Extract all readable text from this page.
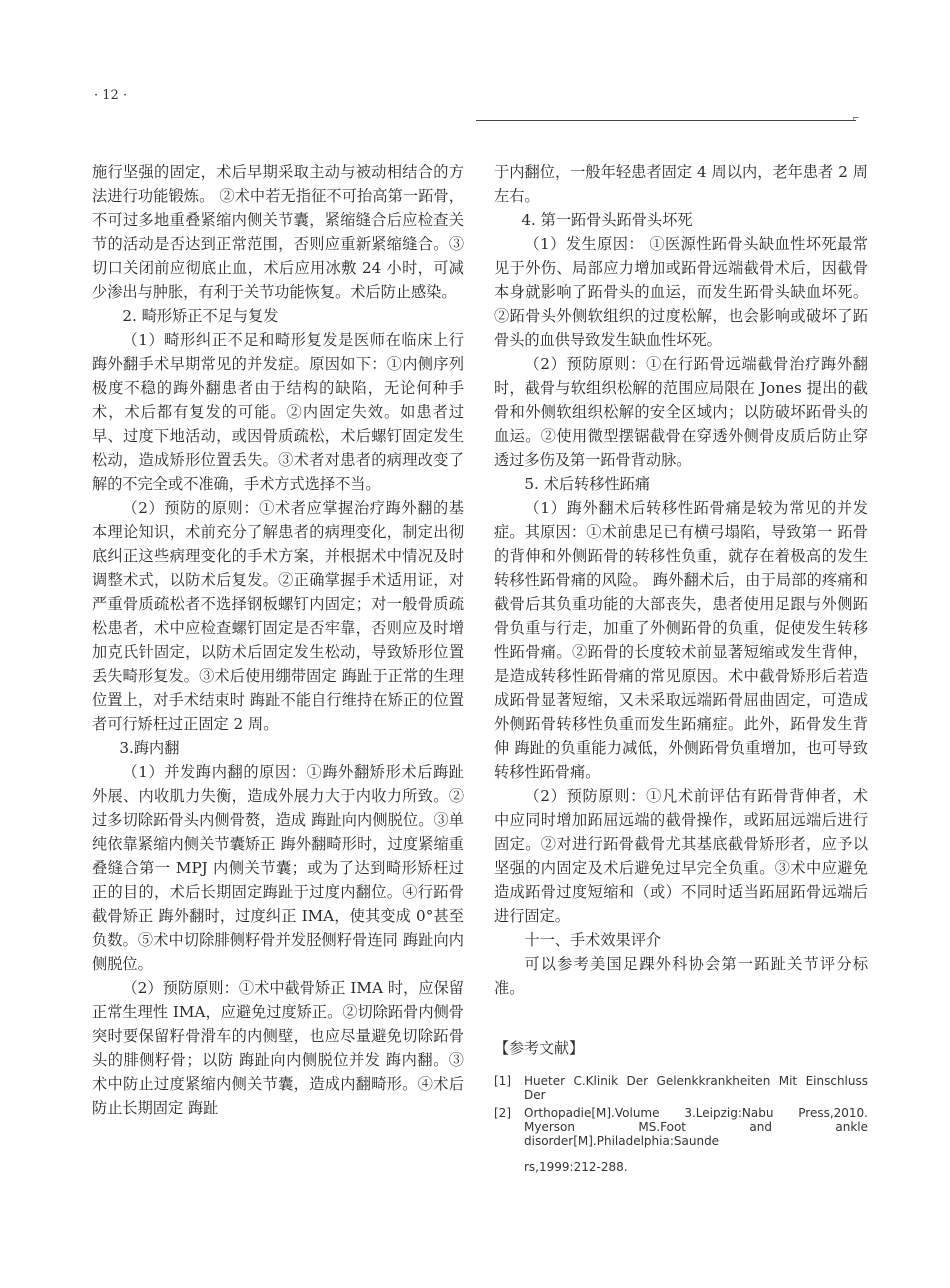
· 12 ·
⌐

施行坚强的固定，术后早期采取主动与被动相结合的方法进行功能锻炼。 ②术中若无指征不可抬高第一跖骨，不可过多地重叠紧缩内侧关节囊，紧缩缝合后应检查关节的活动是否达到正常范围，否则应重新紧缩缝合。③切口关闭前应彻底止血，术后应用冰敷 24 小时，可减少渗出与肿胀，有利于关节功能恢复。术后防止感染。

2. 畸形矫正不足与复发

（1）畸形纠正不足和畸形复发是医师在临床上行踇外翻手术早期常见的并发症。原因如下：①内侧序列极度不稳的踇外翻患者由于结构的缺陷，无论何种手术，术后都有复发的可能。②内固定失效。如患者过早、过度下地活动，或因骨质疏松，术后螺钉固定发生松动，造成矫形位置丢失。③术者对患者的病理改变了解的不完全或不准确，手术方式选择不当。

（2）预防的原则：①术者应掌握治疗踇外翻的基本理论知识，术前充分了解患者的病理变化，制定出彻底纠正这些病理变化的手术方案，并根据术中情况及时调整术式，以防术后复发。②正确掌握手术适用证，对严重骨质疏松者不选择钢板螺钉内固定；对一般骨质疏松患者，术中应检查螺钉固定是否牢靠，否则应及时增加克氏针固定，以防术后固定发生松动，导致矫形位置丢失畸形复发。③术后使用绷带固定 踇趾于正常的生理位置上，对手术结束时 踇趾不能自行维持在矫正的位置者可行矫枉过正固定 2 周。

3.踇内翻

（1）并发踇内翻的原因：①踇外翻矫形术后踇趾外展、内收肌力失衡，造成外展力大于内收力所致。②过多切除跖骨头内侧骨赘，造成 踇趾向内侧脱位。③单纯依靠紧缩内侧关节囊矫正 踇外翻畸形时，过度紧缩重叠缝合第一 MPJ 内侧关节囊；或为了达到畸形矫枉过正的目的，术后长期固定踇趾于过度内翻位。④行跖骨截骨矫正 踇外翻时，过度纠正 IMA，使其变成 0°甚至负数。⑤术中切除腓侧籽骨并发胫侧籽骨连同 踇趾向内侧脱位。

（2）预防原则：①术中截骨矫正 IMA 时，应保留正常生理性 IMA，应避免过度矫正。②切除跖骨内侧骨突时要保留籽骨滑车的内侧壁，也应尽量避免切除跖骨头的腓侧籽骨；以防 踇趾向内侧脱位并发 踇内翻。③术中防止过度紧缩内侧关节囊，造成内翻畸形。④术后防止长期固定 踇趾

于内翻位，一般年轻患者固定 4 周以内，老年患者 2 周左右。

4. 第一跖骨头跖骨头坏死

（1）发生原因： ①医源性跖骨头缺血性坏死最常见于外伤、局部应力增加或跖骨远端截骨术后，因截骨本身就影响了跖骨头的血运，而发生跖骨头缺血坏死。②跖骨头外侧软组织的过度松解，也会影响或破坏了跖骨头的血供导致发生缺血性坏死。

（2）预防原则：①在行跖骨远端截骨治疗踇外翻时，截骨与软组织松解的范围应局限在 Jones 提出的截骨和外侧软组织松解的安全区域内；以防破坏跖骨头的血运。②使用微型摆锯截骨在穿透外侧骨皮质后防止穿透过多伤及第一跖骨背动脉。

5. 术后转移性跖痛

（1）踇外翻术后转移性跖骨痛是较为常见的并发症。其原因：①术前患足已有横弓塌陷，导致第一 跖骨的背伸和外侧跖骨的转移性负重，就存在着极高的发生转移性跖骨痛的风险。 踇外翻术后，由于局部的疼痛和截骨后其负重功能的大部丧失，患者使用足跟与外侧跖骨负重与行走，加重了外侧跖骨的负重，促使发生转移性跖骨痛。②跖骨的长度较术前显著短缩或发生背伸，是造成转移性跖骨痛的常见原因。术中截骨矫形后若造成跖骨显著短缩，又未采取远端跖骨屈曲固定，可造成外侧跖骨转移性负重而发生跖痛症。此外，跖骨发生背伸 踇趾的负重能力减低，外侧跖骨负重增加，也可导致转移性跖骨痛。

（2）预防原则：①凡术前评估有跖骨背伸者，术中应同时增加跖屈远端的截骨操作，或跖屈远端后进行固定。②对进行跖骨截骨尤其基底截骨矫形者，应予以坚强的内固定及术后避免过早完全负重。③术中应避免造成跖骨过度短缩和（或）不同时适当跖屈跖骨远端后进行固定。

十一、手术效果评介

可以参考美国足踝外科协会第一跖趾关节评分标准。

【参考文献】

[1]	Hueter C.Klinik Der Gelenkkrankheiten Mit Einschluss Der
[2]	Orthopadie[M].Volume 3.Leipzig:Nabu Press,2010. Myerson MS.Foot and ankle disorder[M].Philadelphia:Saunde
rs,1999:212-288.
